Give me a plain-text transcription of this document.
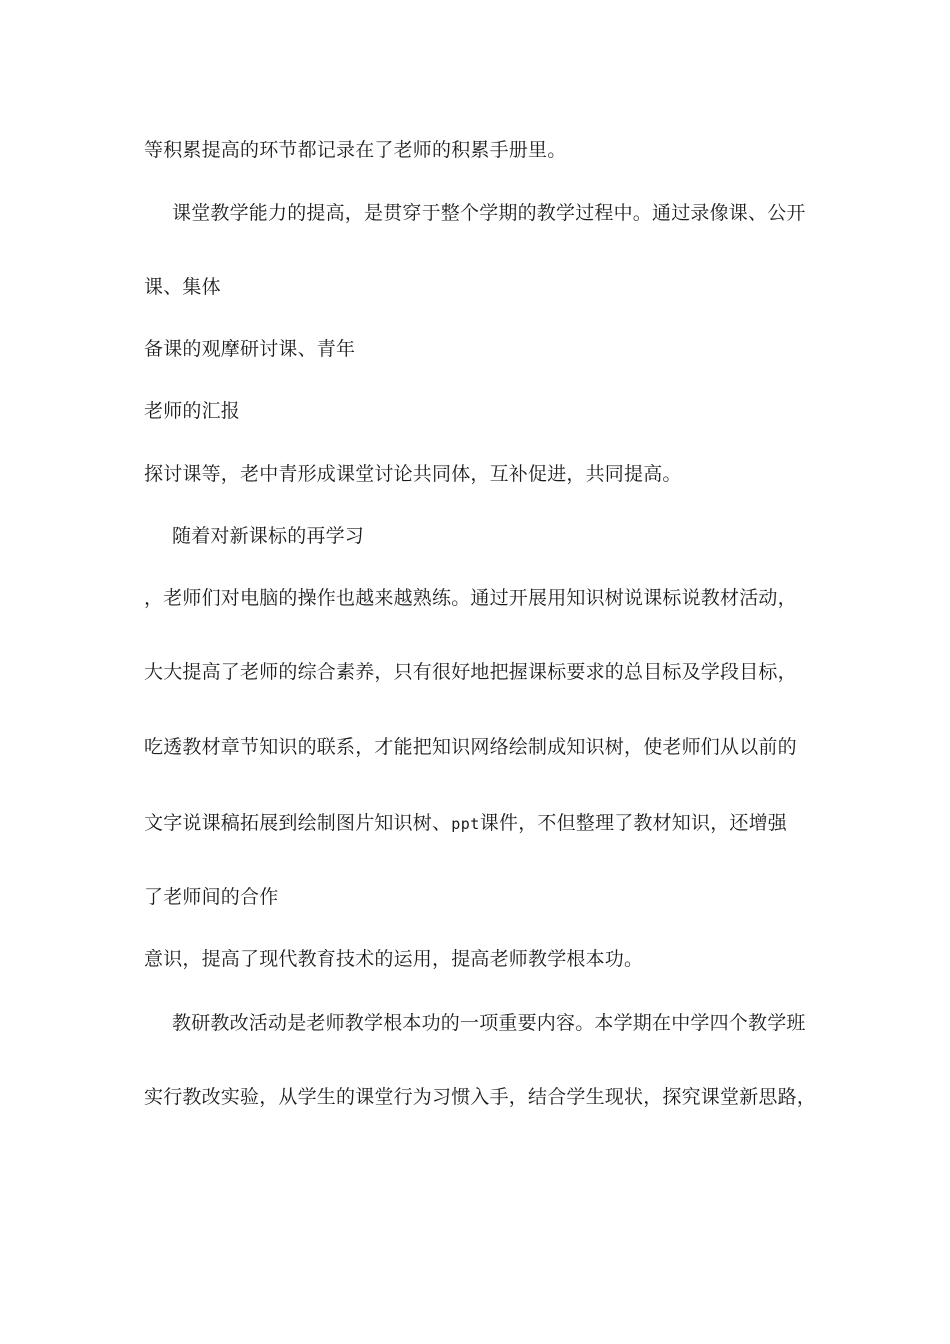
等积累提高的环节都记录在了老师的积累手册里。
课堂教学能力的提高，是贯穿于整个学期的教学过程中。通过录像课、公开
课、集体
备课的观摩研讨课、青年
老师的汇报
探讨课等，老中青形成课堂讨论共同体，互补促进，共同提高。
随着对新课标的再学习
，老师们对电脑的操作也越来越熟练。通过开展用知识树说课标说教材活动，
大大提高了老师的综合素养，只有很好地把握课标要求的总目标及学段目标，
吃透教材章节知识的联系，才能把知识网络绘制成知识树，使老师们从以前的
文字说课稿拓展到绘制图片知识树、ppt课件，不但整理了教材知识，还增强
了老师间的合作
意识，提高了现代教育技术的运用，提高老师教学根本功。
教研教改活动是老师教学根本功的一项重要内容。本学期在中学四个教学班
实行教改实验，从学生的课堂行为习惯入手，结合学生现状，探究课堂新思路，
